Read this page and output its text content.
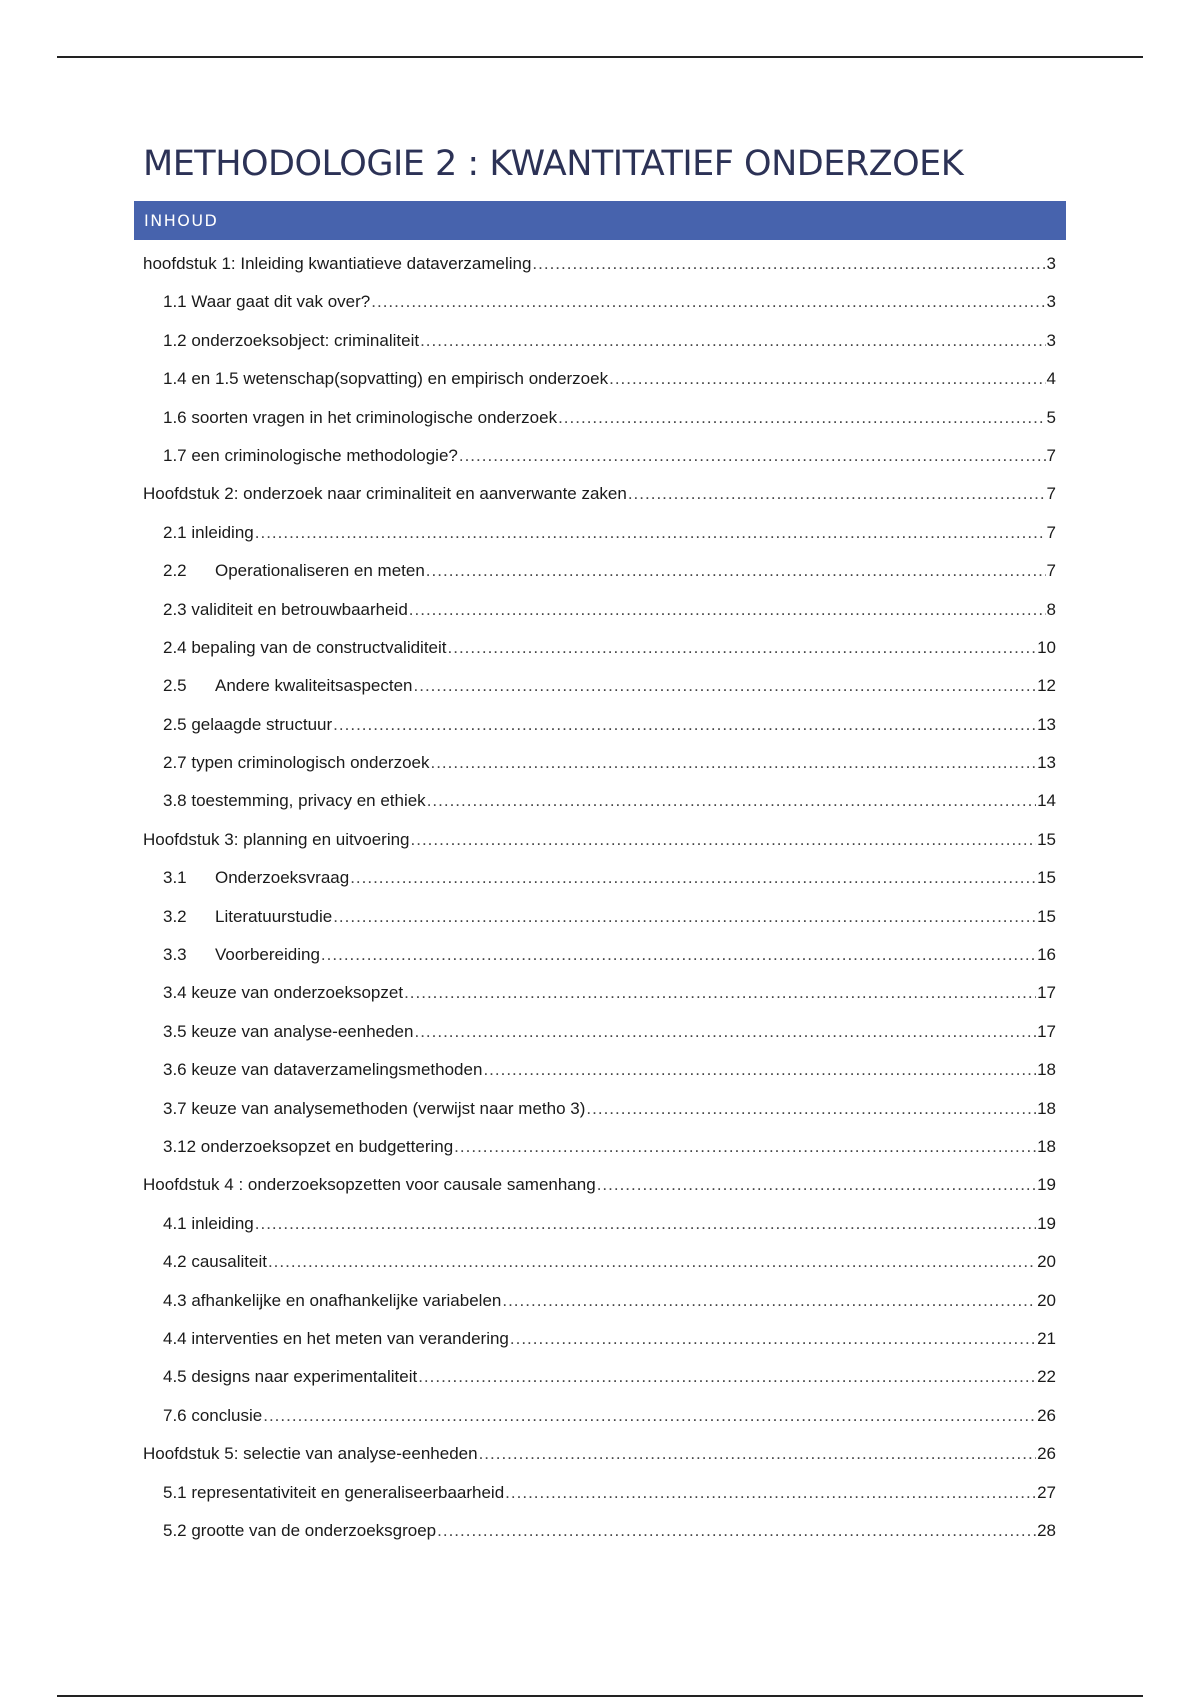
METHODOLOGIE 2 : KWANTITATIEF ONDERZOEK
INHOUD
hoofdstuk 1: Inleiding kwantiatieve dataverzameling .....	3
1.1 Waar gaat dit vak over? .....	3
1.2 onderzoeksobject: criminaliteit .....	3
1.4 en 1.5 wetenschap(sopvatting) en empirisch onderzoek .....	4
1.6 soorten vragen in het criminologische onderzoek .....	5
1.7 een criminologische methodologie? .....	7
Hoofdstuk 2: onderzoek naar criminaliteit en aanverwante zaken .....	7
2.1 inleiding .....	7
2.2	Operationaliseren en meten .....	7
2.3 validiteit en betrouwbaarheid .....	8
2.4 bepaling van de constructvaliditeit .....	10
2.5	Andere kwaliteitsaspecten .....	12
2.5 gelaagde structuur .....	13
2.7 typen criminologisch onderzoek .....	13
3.8 toestemming, privacy en ethiek .....	14
Hoofdstuk 3: planning en uitvoering .....	15
3.1	Onderzoeksvraag .....	15
3.2	Literatuurstudie .....	15
3.3	Voorbereiding .....	16
3.4 keuze van onderzoeksopzet .....	17
3.5 keuze van analyse-eenheden .....	17
3.6 keuze van dataverzamelingsmethoden .....	18
3.7 keuze van analysemethoden (verwijst naar metho 3) .....	18
3.12 onderzoeksopzet en budgettering .....	18
Hoofdstuk 4 : onderzoeksopzetten voor causale samenhang .....	19
4.1 inleiding .....	19
4.2 causaliteit .....	20
4.3 afhankelijke en onafhankelijke variabelen .....	20
4.4 interventies en het meten van verandering .....	21
4.5 designs naar experimentaliteit .....	22
7.6 conclusie .....	26
Hoofdstuk 5: selectie van analyse-eenheden .....	26
5.1 representativiteit en generaliseerbaarheid .....	27
5.2 grootte van de onderzoeksgroep .....	28
